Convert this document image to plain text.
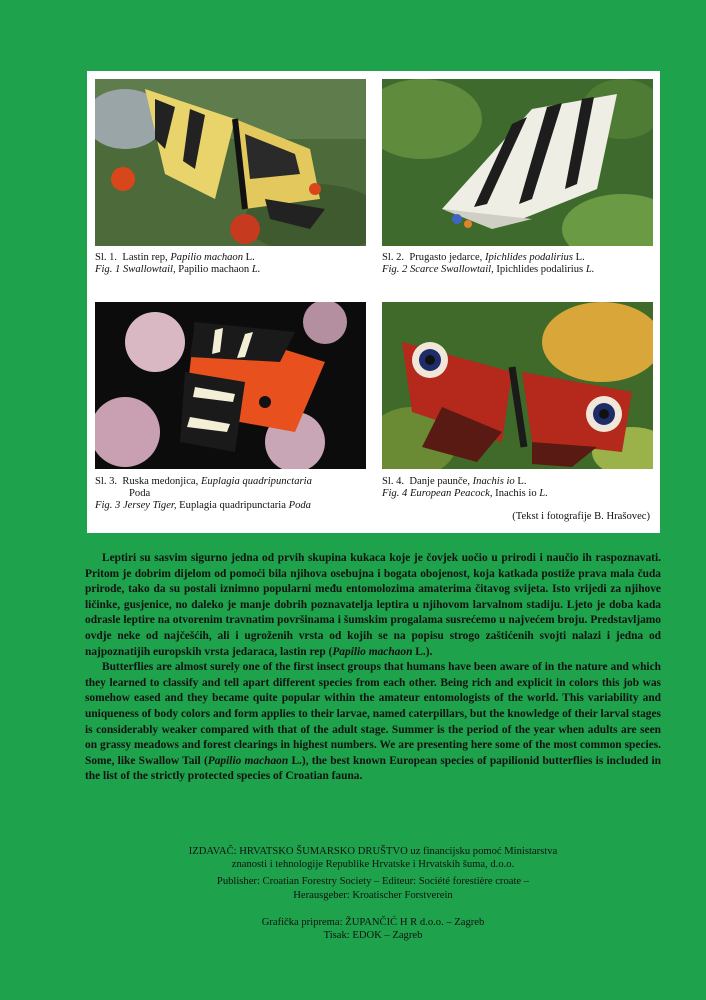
Sl. 1. Lastin rep, Papilio machaon L.
Fig. 1 Swallowtail, Papilio machaon L.
Sl. 2. Prugasto jedarce, Ipichlides podalirius L.
Fig. 2 Scarce Swallowtail, Ipichlides podalirius L.
Sl. 3. Ruska medonjica, Euplagia quadripunctaria
Poda
Fig. 3 Jersey Tiger, Euplagia quadripunctaria Poda
Sl. 4. Danje paunče, Inachis io L.
Fig. 4 European Peacock, Inachis io L.
(Tekst i fotografije B. Hrašovec)

Leptiri su sasvim sigurno jedna od prvih skupina kukaca koje je čovjek uočio u prirodi i naučio ih raspoznavati. Pritom je dobrim dijelom od pomoći bila njihova osebujna i bogata obojenost, koja katkada postiže prava mala čuda prirode, tako da su postali iznimno popularni među entomolozima amaterima čitavog svijeta. Isto vrijedi za njihove ličinke, gusjenice, no daleko je manje dobrih poznavatelja leptira u njihovom larvalnom stadiju. Ljeto je doba kada odrasle leptire na otvorenim travnatim površinama i šumskim progalama susrećemo u najvećem broju. Predstavljamo ovdje neke od najčešćih, ali i ugroženih vrsta od kojih se na popisu strogo zaštićenih svojti nalazi i jedna od najpoznatijih europskih vrsta jedaraca, lastin rep (Papilio machaon L.).

Butterflies are almost surely one of the first insect groups that humans have been aware of in the nature and which they learned to classify and tell apart different species from each other. Being rich and explicit in colors this job was somehow eased and they became quite popular within the amateur entomologists of the world. This variability and uniqueness of body colors and form applies to their larvae, named caterpillars, but the knowledge of their larval stages is considerably weaker compared with that of the adult stage. Summer is the period of the year when adults are seen on grassy meadows and forest clearings in highest numbers. We are presenting here some of the most common species. Some, like Swallow Tail (Papilio machaon L.), the best known European species of papilionid butterflies is included in the list of the strictly protected species of Croatian fauna.

IZDAVAČ: HRVATSKO ŠUMARSKO DRUŠTVO uz financijsku pomoć Ministarstva
znanosti i tehnologije Republike Hrvatske i Hrvatskih šuma, d.o.o.
Publisher: Croatian Forestry Society – Editeur: Société forestière croate –
Herausgeber: Kroatischer Forstverein
Grafička priprema: ŽUPANČIĆ H R d.o.o. – Zagreb
Tisak: EDOK – Zagreb
